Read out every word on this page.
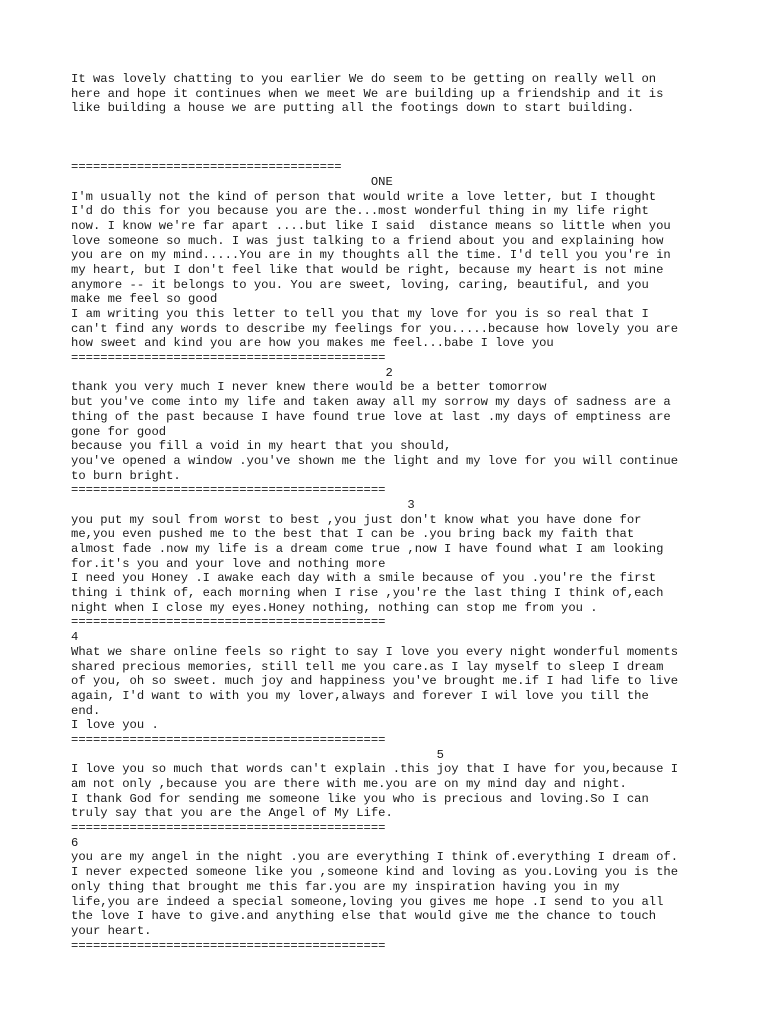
It was lovely chatting to you earlier We do seem to be getting on really well on
here and hope it continues when we meet We are building up a friendship and it is
like building a house we are putting all the footings down to start building.
=====================================
ONE
I'm usually not the kind of person that would write a love letter, but I thought
I'd do this for you because you are the...most wonderful thing in my life right
now. I know we're far apart ....but like I said  distance means so little when you
love someone so much. I was just talking to a friend about you and explaining how
you are on my mind.....You are in my thoughts all the time. I'd tell you you're in
my heart, but I don't feel like that would be right, because my heart is not mine
anymore -- it belongs to you. You are sweet, loving, caring, beautiful, and you
make me feel so good
I am writing you this letter to tell you that my love for you is so real that I
can't find any words to describe my feelings for you.....because how lovely you are
how sweet and kind you are how you makes me feel...babe I love you
===========================================
2
thank you very much I never knew there would be a better tomorrow
but you've come into my life and taken away all my sorrow my days of sadness are a
thing of the past because I have found true love at last .my days of emptiness are
gone for good
because you fill a void in my heart that you should,
you've opened a window .you've shown me the light and my love for you will continue
to burn bright.
===========================================
3
you put my soul from worst to best ,you just don't know what you have done for
me,you even pushed me to the best that I can be .you bring back my faith that
almost fade .now my life is a dream come true ,now I have found what I am looking
for.it's you and your love and nothing more
I need you Honey .I awake each day with a smile because of you .you're the first
thing i think of, each morning when I rise ,you're the last thing I think of,each
night when I close my eyes.Honey nothing, nothing can stop me from you .
===========================================
4
What we share online feels so right to say I love you every night wonderful moments
shared precious memories, still tell me you care.as I lay myself to sleep I dream
of you, oh so sweet. much joy and happiness you've brought me.if I had life to live
again, I'd want to with you my lover,always and forever I wil love you till the
end.
I love you .
===========================================
5
I love you so much that words can't explain .this joy that I have for you,because I
am not only ,because you are there with me.you are on my mind day and night.
I thank God for sending me someone like you who is precious and loving.So I can
truly say that you are the Angel of My Life.
===========================================
6
you are my angel in the night .you are everything I think of.everything I dream of.
I never expected someone like you ,someone kind and loving as you.Loving you is the
only thing that brought me this far.you are my inspiration having you in my
life,you are indeed a special someone,loving you gives me hope .I send to you all
the love I have to give.and anything else that would give me the chance to touch
your heart.
===========================================
